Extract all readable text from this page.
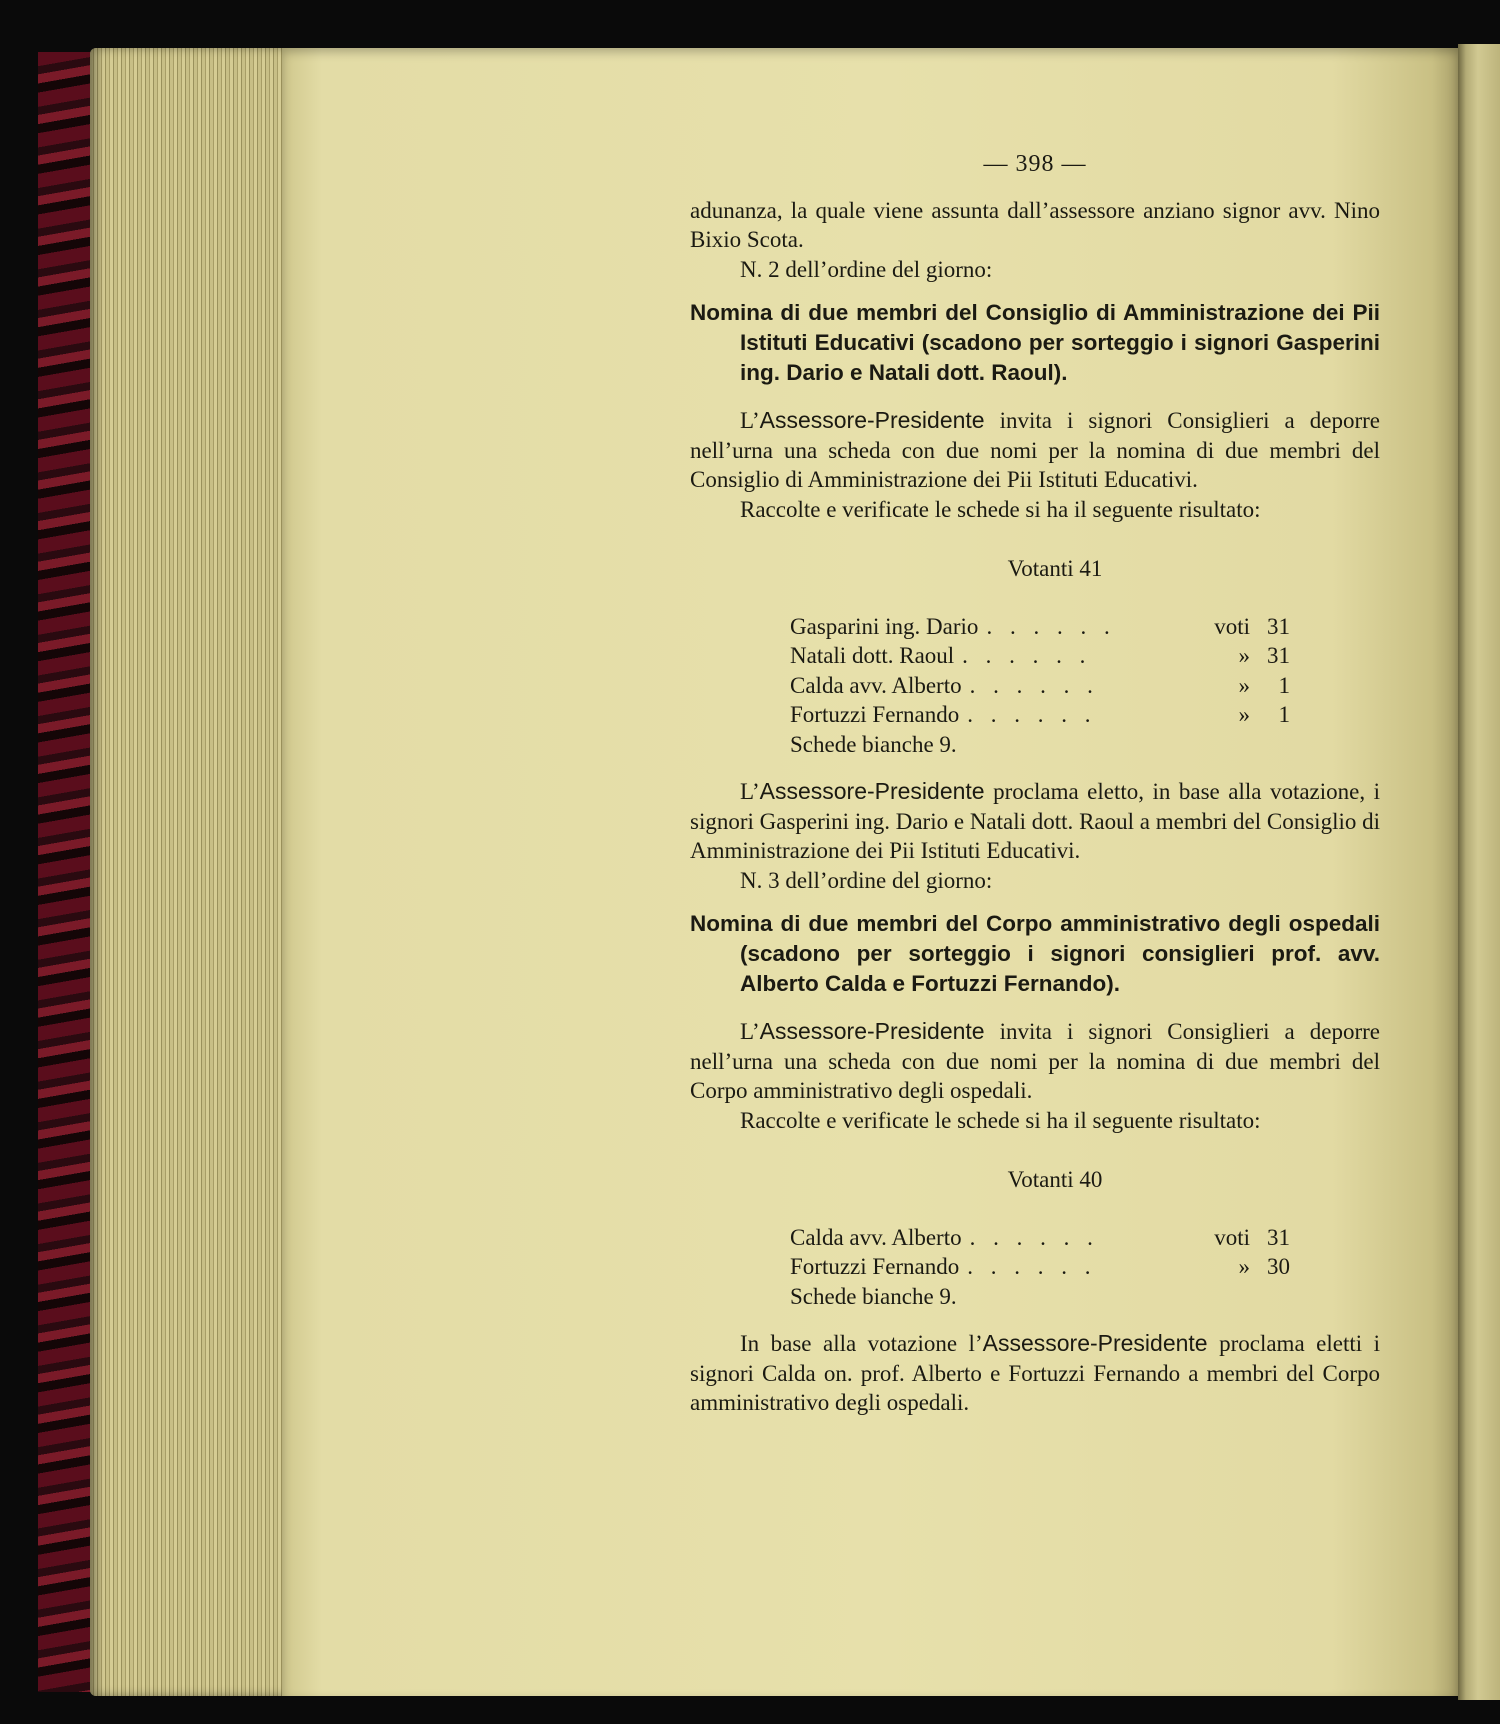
— 398 —

adunanza, la quale viene assunta dall’assessore anziano signor avv. Nino Bixio Scota.

N. 2 dell’ordine del giorno:

Nomina di due membri del Consiglio di Amministrazione dei Pii Istituti Educativi (scadono per sorteggio i signori Gasperini ing. Dario e Natali dott. Raoul).

L’Assessore-Presidente invita i signori Consiglieri a deporre nell’urna una scheda con due nomi per la nomina di due membri del Consiglio di Amministrazione dei Pii Istituti Educativi.

Raccolte e verificate le schede si ha il seguente risultato:

Votanti 41
Gasparini ing. Dario . . . . . .	voti 31
Natali dott. Raoul . . . . . .	» 31
Calda avv. Alberto . . . . . .	»	1
Fortuzzi Fernando . . . . . .	»	1
Schede bianche 9.

L’Assessore-Presidente proclama eletto, in base alla votazione, i signori Gasperini ing. Dario e Natali dott. Raoul a membri del Consiglio di Amministrazione dei Pii Istituti Educativi.

N. 3 dell’ordine del giorno:

Nomina di due membri del Corpo amministrativo degli ospedali (scadono per sorteggio i signori consiglieri prof. avv. Alberto Calda e Fortuzzi Fernando).

L’Assessore-Presidente invita i signori Consiglieri a deporre nell’urna una scheda con due nomi per la nomina di due membri del Corpo amministrativo degli ospedali.

Raccolte e verificate le schede si ha il seguente risultato:

Votanti 40
Calda avv. Alberto . . . . . .	voti 31
Fortuzzi Fernando . . . . . .	» 30
Schede bianche 9.

In base alla votazione l’Assessore-Presidente proclama eletti i signori Calda on. prof. Alberto e Fortuzzi Fernando a membri del Corpo amministrativo degli ospedali.
